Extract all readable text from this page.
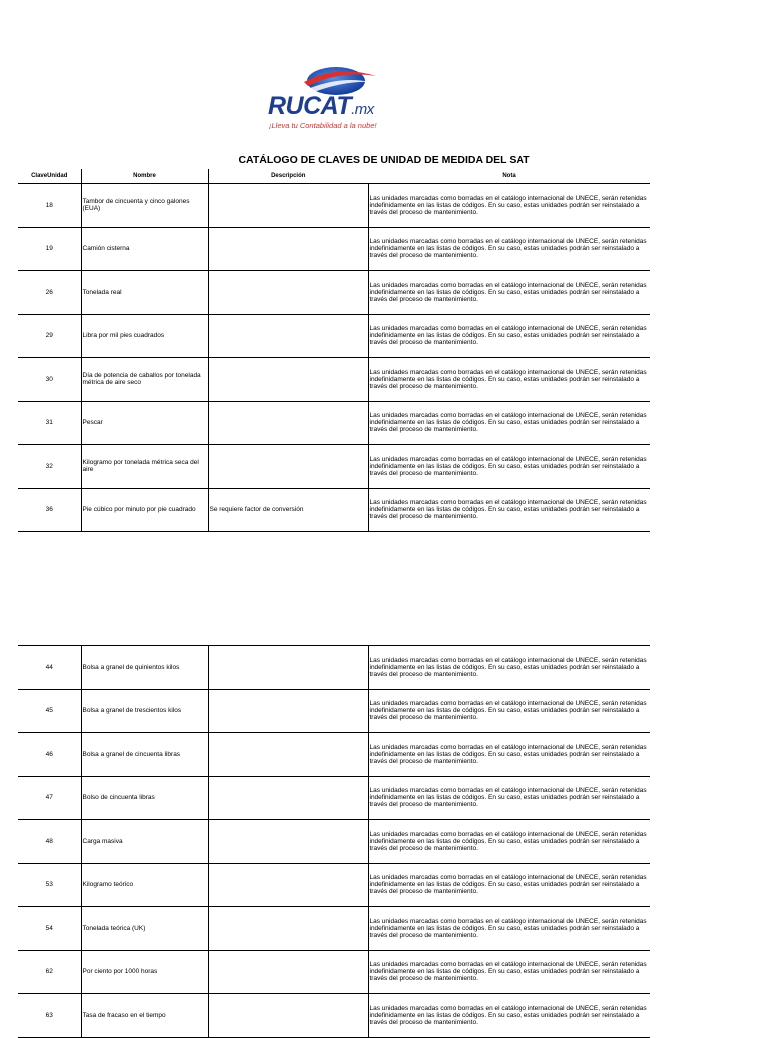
RUCAT.mx
¡Lleva tu Contabilidad a la nube!
CATÁLOGO DE CLAVES DE UNIDAD DE MEDIDA DEL SAT
ClaveUnidad	Nombre	Descripción	Nota
18	Tambor de cincuenta y cinco galones (EUA)		Las unidades marcadas como borradas en el catálogo internacional de UNECE, serán retenidas indefinidamente en las listas de códigos. En su caso, estas unidades podrán ser reinstalado a través del proceso de mantenimiento.
19	Camión cisterna		Las unidades marcadas como borradas en el catálogo internacional de UNECE, serán retenidas indefinidamente en las listas de códigos. En su caso, estas unidades podrán ser reinstalado a través del proceso de mantenimiento.
26	Tonelada real		Las unidades marcadas como borradas en el catálogo internacional de UNECE, serán retenidas indefinidamente en las listas de códigos. En su caso, estas unidades podrán ser reinstalado a través del proceso de mantenimiento.
29	Libra por mil pies cuadrados		Las unidades marcadas como borradas en el catálogo internacional de UNECE, serán retenidas indefinidamente en las listas de códigos. En su caso, estas unidades podrán ser reinstalado a través del proceso de mantenimiento.
30	Día de potencia de caballos por tonelada métrica de aire seco		Las unidades marcadas como borradas en el catálogo internacional de UNECE, serán retenidas indefinidamente en las listas de códigos. En su caso, estas unidades podrán ser reinstalado a través del proceso de mantenimiento.
31	Pescar		Las unidades marcadas como borradas en el catálogo internacional de UNECE, serán retenidas indefinidamente en las listas de códigos. En su caso, estas unidades podrán ser reinstalado a través del proceso de mantenimiento.
32	Kilogramo por tonelada métrica seca del aire		Las unidades marcadas como borradas en el catálogo internacional de UNECE, serán retenidas indefinidamente en las listas de códigos. En su caso, estas unidades podrán ser reinstalado a través del proceso de mantenimiento.
36	Pie cúbico por minuto por pie cuadrado	Se requiere factor de conversión	Las unidades marcadas como borradas en el catálogo internacional de UNECE, serán retenidas indefinidamente en las listas de códigos. En su caso, estas unidades podrán ser reinstalado a través del proceso de mantenimiento.
44	Bolsa a granel de quinientos kilos		Las unidades marcadas como borradas en el catálogo internacional de UNECE, serán retenidas indefinidamente en las listas de códigos. En su caso, estas unidades podrán ser reinstalado a través del proceso de mantenimiento.
45	Bolsa a granel de trescientos kilos		Las unidades marcadas como borradas en el catálogo internacional de UNECE, serán retenidas indefinidamente en las listas de códigos. En su caso, estas unidades podrán ser reinstalado a través del proceso de mantenimiento.
46	Bolsa a granel de cincuenta libras		Las unidades marcadas como borradas en el catálogo internacional de UNECE, serán retenidas indefinidamente en las listas de códigos. En su caso, estas unidades podrán ser reinstalado a través del proceso de mantenimiento.
47	Bolso de cincuenta libras		Las unidades marcadas como borradas en el catálogo internacional de UNECE, serán retenidas indefinidamente en las listas de códigos. En su caso, estas unidades podrán ser reinstalado a través del proceso de mantenimiento.
48	Carga masiva		Las unidades marcadas como borradas en el catálogo internacional de UNECE, serán retenidas indefinidamente en las listas de códigos. En su caso, estas unidades podrán ser reinstalado a través del proceso de mantenimiento.
53	Kilogramo teórico		Las unidades marcadas como borradas en el catálogo internacional de UNECE, serán retenidas indefinidamente en las listas de códigos. En su caso, estas unidades podrán ser reinstalado a través del proceso de mantenimiento.
54	Tonelada teórica (UK)		Las unidades marcadas como borradas en el catálogo internacional de UNECE, serán retenidas indefinidamente en las listas de códigos. En su caso, estas unidades podrán ser reinstalado a través del proceso de mantenimiento.
62	Por ciento por 1000 horas		Las unidades marcadas como borradas en el catálogo internacional de UNECE, serán retenidas indefinidamente en las listas de códigos. En su caso, estas unidades podrán ser reinstalado a través del proceso de mantenimiento.
63	Tasa de fracaso en el tiempo		Las unidades marcadas como borradas en el catálogo internacional de UNECE, serán retenidas indefinidamente en las listas de códigos. En su caso, estas unidades podrán ser reinstalado a través del proceso de mantenimiento.
